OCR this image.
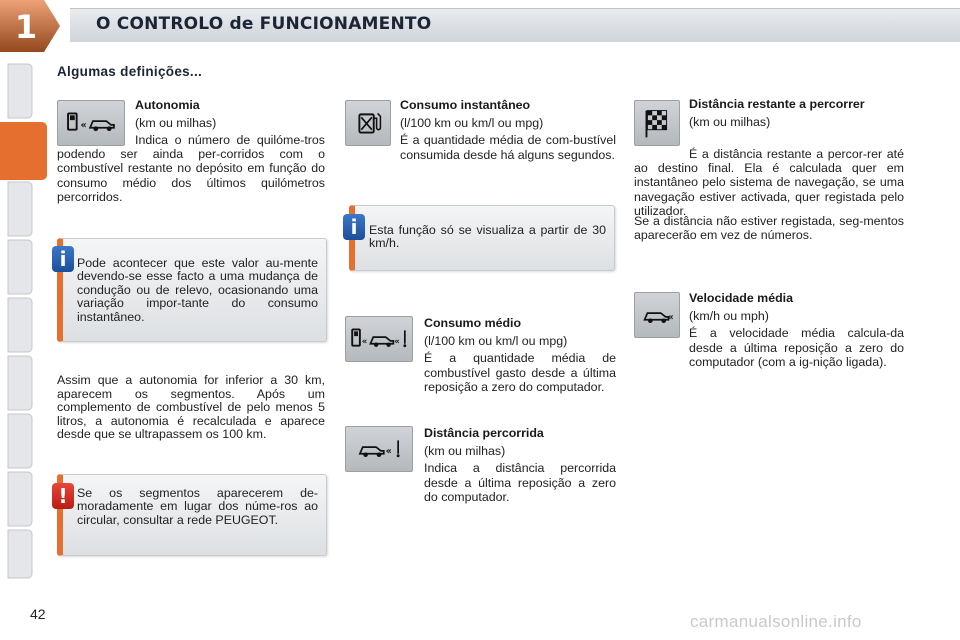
1	O CONTROLO de FUNCIONAMENTO
Algumas definições...
«

Autonomia

(km ou milhas)

Indica o número de quilóme-tros podendo ser ainda per-corridos com o combustível restante no depósito em função do consumo médio dos últimos quilómetros percorridos.
Pode acontecer que este valor au-mente devendo-se esse facto a uma mudança de condução ou de relevo, ocasionando uma variação impor-tante do consumo instantâneo.
i
Assim que a autonomia for inferior a 30 km, aparecem os segmentos. Após um complemento de combustível de pelo menos 5 litros, a autonomia é recalculada e aparece desde que se ultrapassem os 100 km.
Se os segmentos aparecerem de-moradamente em lugar dos núme-ros ao circular, consultar a rede PEUGEOT.
!

Consumo instantâneo

(l/100 km ou km/l ou mpg)

É a quantidade média de com-bustível consumida desde há alguns segundos.

Esta função só se visualiza a partir de 30 km/h.
i
«	«

Consumo médio

(l/100 km ou km/l ou mpg)

É a quantidade média de combustível gasto desde a última reposição a zero do computador.

«

Distância percorrida

(km ou milhas)

Indica a distância percorrida desde a última reposição a zero do computador.

Distância restante a percorrer

(km ou milhas)

É a distância restante a percor-rer até ao destino final. Ela é calculada quer em instantâneo pelo sistema de navegação, se uma navegação estiver activada, quer registada pelo utilizador.
Se a distância não estiver registada, seg-mentos aparecerão em vez de números.
«

Velocidade média

(km/h ou mph)

É a velocidade média calcula-da desde a última reposição a zero do computador (com a ig-nição ligada).

42	carmanualsonline.info
